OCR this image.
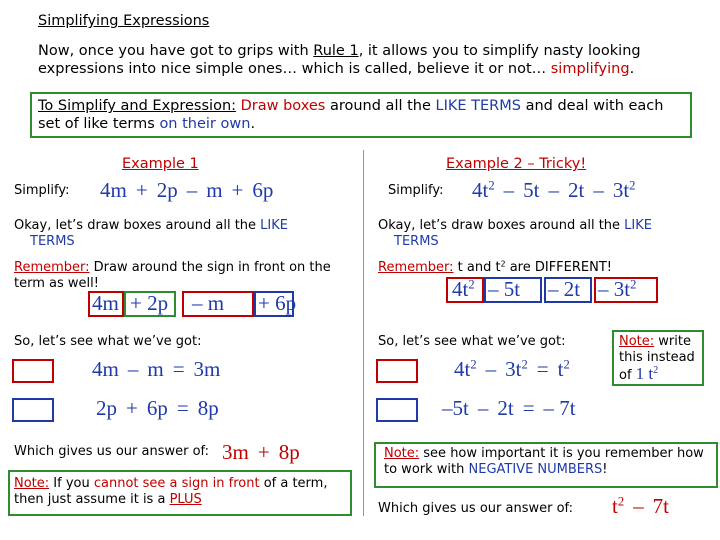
Simplifying Expressions
Now, once you have got to grips with Rule 1, it allows you to simplify nasty looking expressions into nice simple ones… which is called, believe it or not… simplifying.
To Simplify and Expression: Draw boxes around all the LIKE TERMS and deal with each set of like terms on their own.
Example 1
Simplify: 4m + 2p – m + 6p
Okay, let’s draw boxes around all the LIKE
TERMS
Remember: Draw around the sign in front on the term as well!
4m + 2p – m + 6p
So, let’s see what we’ve got:
4m – m = 3m
2p + 6p = 8p
Which gives us our answer of: 3m + 8p
Note: If you cannot see a sign in front of a term, then just assume it is a PLUS
Example 2 – Tricky!
Simplify: $4t^2 - 5t - 2t - 3t^2$
Okay, let’s draw boxes around all the LIKE
TERMS
Remember: t and $t^2$ are DIFFERENT!
$4t^2 - 5t - 2t - 3t^2$
So, let’s see what we’ve got:
$4t^2 - 3t^2 = t^2$
Note: write this instead of 1 $t^2$
–5t – 2t = – 7t
Note: see how important it is you remember how to work with NEGATIVE NUMBERS!
Which gives us our answer of: $t^2 - 7t$
